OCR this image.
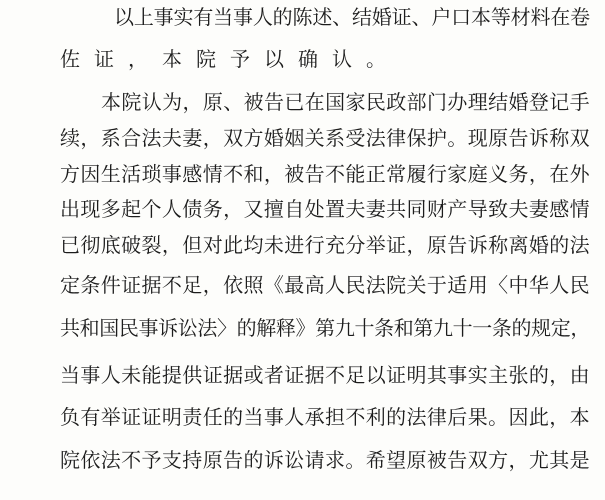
以上事实有当事人的陈述、结婚证、户口本等材料在卷
佐证，本院予以确认。
本院认为，原、被告已在国家民政部门办理结婚登记手
续，系合法夫妻，双方婚姻关系受法律保护。现原告诉称双
方因生活琐事感情不和，被告不能正常履行家庭义务，在外
出现多起个人债务，又擅自处置夫妻共同财产导致夫妻感情
已彻底破裂，但对此均未进行充分举证，原告诉称离婚的法
定条件证据不足，依照《最高人民法院关于适用〈中华人民
共和国民事诉讼法〉的解释》第九十条和第九十一条的规定，
当事人未能提供证据或者证据不足以证明其事实主张的，由
负有举证证明责任的当事人承担不利的法律后果。因此，本
院依法不予支持原告的诉讼请求。希望原被告双方，尤其是
